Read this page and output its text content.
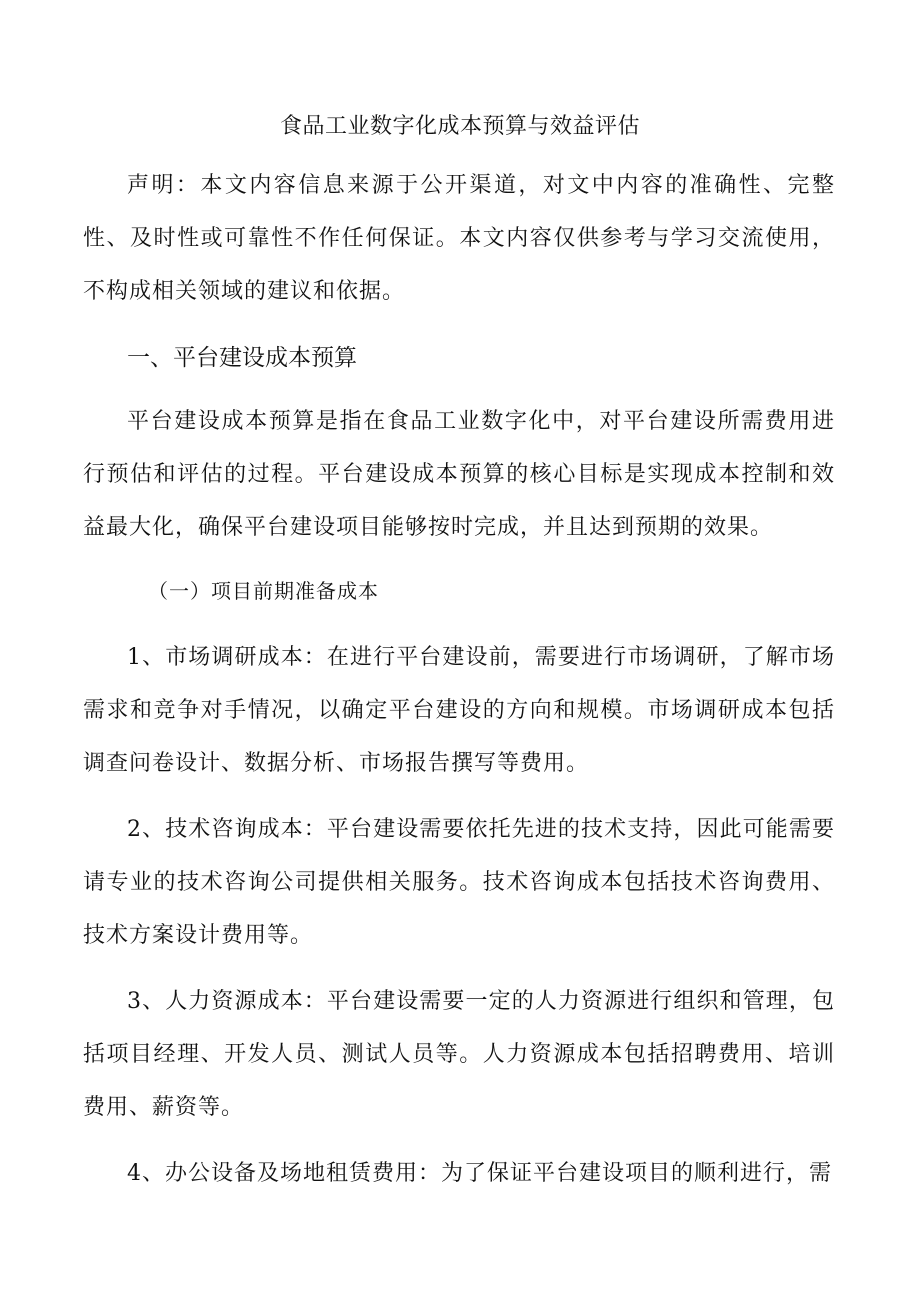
食品工业数字化成本预算与效益评估
声明：本文内容信息来源于公开渠道，对文中内容的准确性、完整性、及时性或可靠性不作任何保证。本文内容仅供参考与学习交流使用，不构成相关领域的建议和依据。
一、平台建设成本预算
平台建设成本预算是指在食品工业数字化中，对平台建设所需费用进行预估和评估的过程。平台建设成本预算的核心目标是实现成本控制和效益最大化，确保平台建设项目能够按时完成，并且达到预期的效果。
（一）项目前期准备成本
1、市场调研成本：在进行平台建设前，需要进行市场调研，了解市场需求和竞争对手情况，以确定平台建设的方向和规模。市场调研成本包括调查问卷设计、数据分析、市场报告撰写等费用。
2、技术咨询成本：平台建设需要依托先进的技术支持，因此可能需要请专业的技术咨询公司提供相关服务。技术咨询成本包括技术咨询费用、技术方案设计费用等。
3、人力资源成本：平台建设需要一定的人力资源进行组织和管理，包括项目经理、开发人员、测试人员等。人力资源成本包括招聘费用、培训费用、薪资等。
4、办公设备及场地租赁费用：为了保证平台建设项目的顺利进行，需
